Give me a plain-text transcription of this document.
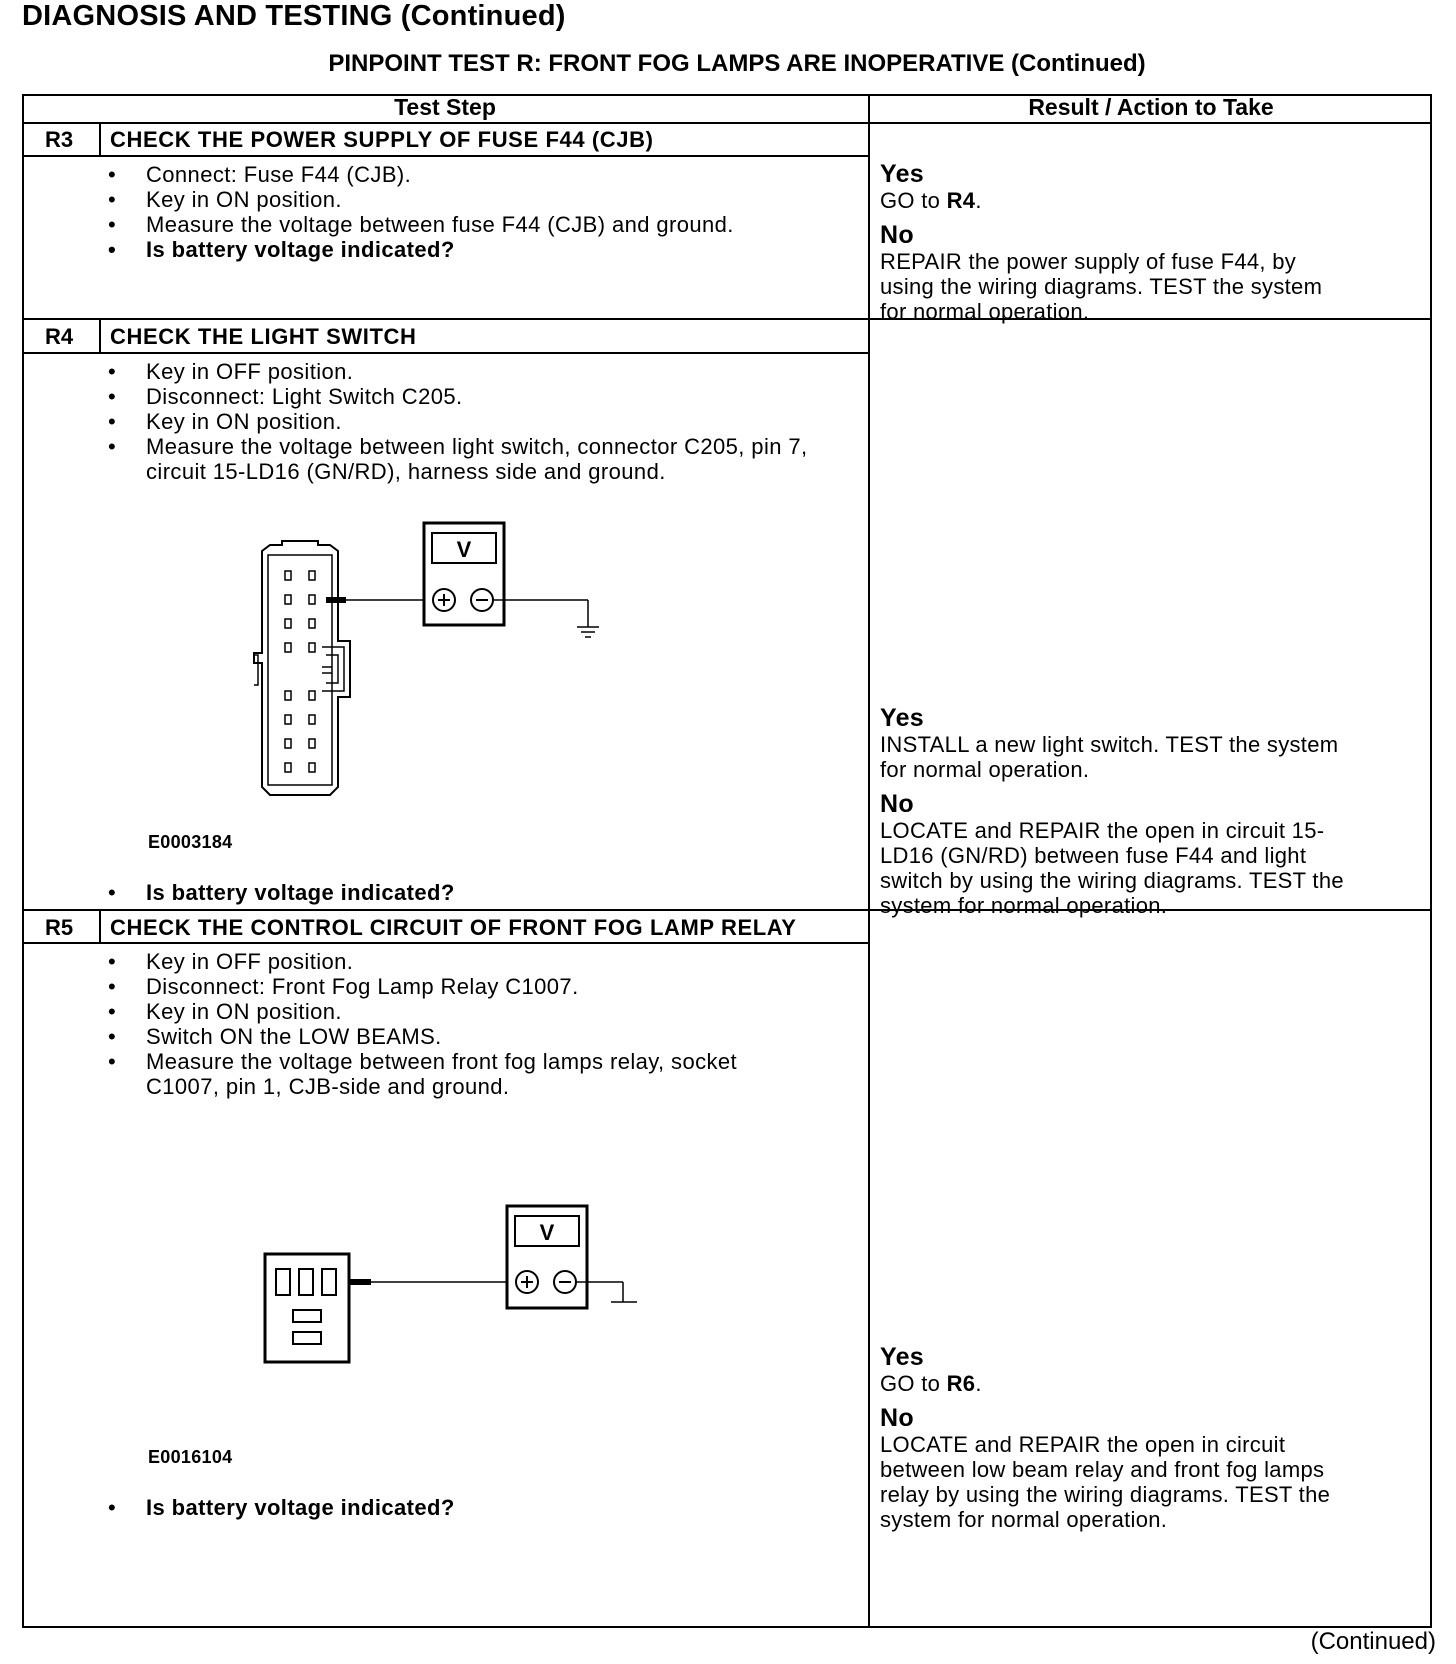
DIAGNOSIS AND TESTING (Continued)
PINPOINT TEST R: FRONT FOG LAMPS ARE INOPERATIVE (Continued)
Test Step	Result / Action to Take
R3	CHECK THE POWER SUPPLY OF FUSE F44 (CJB)
• Connect: Fuse F44 (CJB).
• Key in ON position.
• Measure the voltage between fuse F44 (CJB) and ground.
• Is battery voltage indicated?
Yes
GO to R4.
No
REPAIR the power supply of fuse F44, by using the wiring diagrams. TEST the system for normal operation.
R4	CHECK THE LIGHT SWITCH
• Key in OFF position.
• Disconnect: Light Switch C205.
• Key in ON position.
• Measure the voltage between light switch, connector C205, pin 7, circuit 15-LD16 (GN/RD), harness side and ground.
V
E0003184
• Is battery voltage indicated?
Yes
INSTALL a new light switch. TEST the system for normal operation.
No
LOCATE and REPAIR the open in circuit 15-LD16 (GN/RD) between fuse F44 and light switch by using the wiring diagrams. TEST the system for normal operation.
R5	CHECK THE CONTROL CIRCUIT OF FRONT FOG LAMP RELAY
• Key in OFF position.
• Disconnect: Front Fog Lamp Relay C1007.
• Key in ON position.
• Switch ON the LOW BEAMS.
• Measure the voltage between front fog lamps relay, socket C1007, pin 1, CJB-side and ground.
V
E0016104
• Is battery voltage indicated?
Yes
GO to R6.
No
LOCATE and REPAIR the open in circuit between low beam relay and front fog lamps relay by using the wiring diagrams. TEST the system for normal operation.
(Continued)
